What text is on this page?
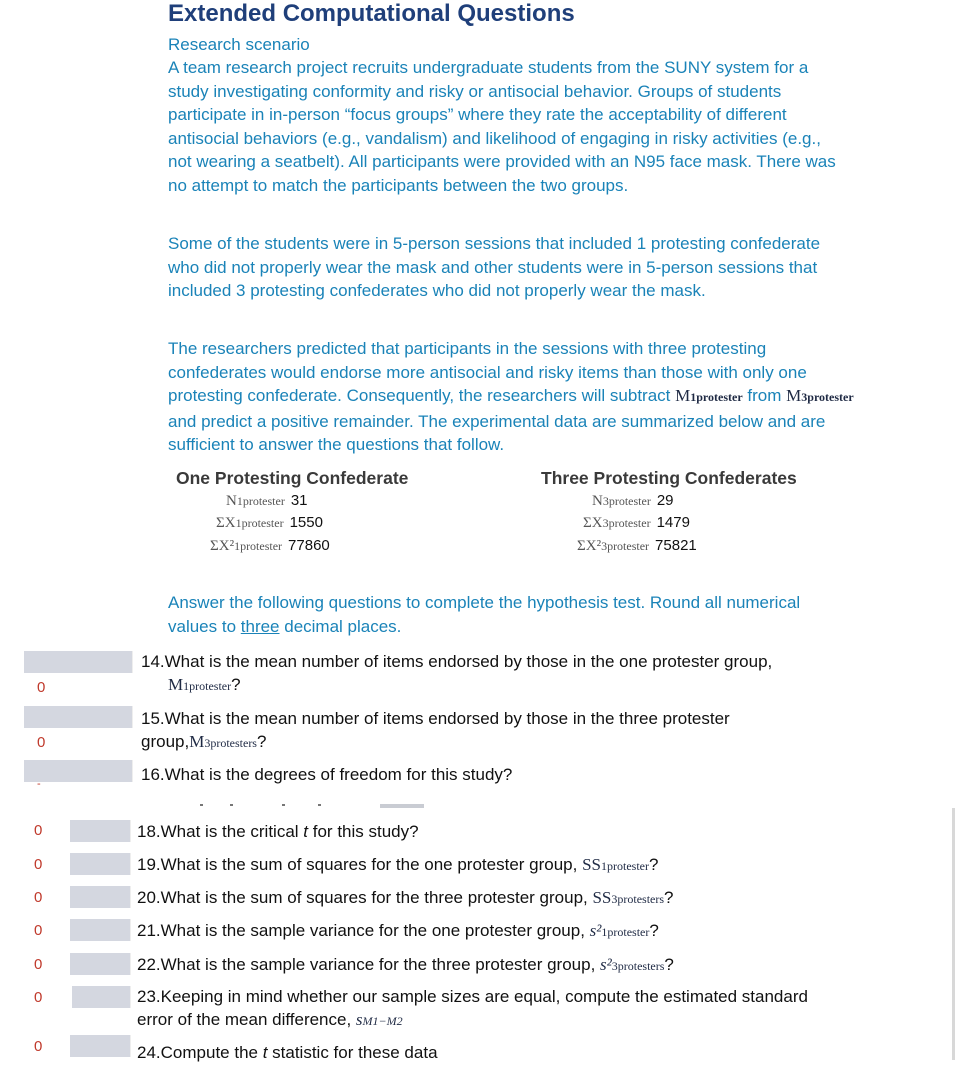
Extended Computational Questions
Research scenario
A team research project recruits undergraduate students from the SUNY system for a study investigating conformity and risky or antisocial behavior. Groups of students participate in in-person “focus groups” where they rate the acceptability of different antisocial behaviors (e.g., vandalism) and likelihood of engaging in risky activities (e.g., not wearing a seatbelt). All participants were provided with an N95 face mask. There was no attempt to match the participants between the two groups.
Some of the students were in 5-person sessions that included 1 protesting confederate who did not properly wear the mask and other students were in 5-person sessions that included 3 protesting confederates who did not properly wear the mask.
The researchers predicted that participants in the sessions with three protesting confederates would endorse more antisocial and risky items than those with only one protesting confederate. Consequently, the researchers will subtract M1protester from M3protester and predict a positive remainder. The experimental data are summarized below and are sufficient to answer the questions that follow.
One Protesting Confederate
N1protester 31
ΣX1protester 1550
ΣX²1protester 77860
Three Protesting Confederates
N3protester 29
ΣX3protester 1479
ΣX²3protester 75821
Answer the following questions to complete the hypothesis test. Round all numerical values to three decimal places.
0
14.What is the mean number of items endorsed by those in the one protester group,
M1protester?
0
15.What is the mean number of items endorsed by those in the three protester group,M3protesters?
-	16.What is the degrees of freedom for this study?
0	18.What is the critical t for this study?
0	19.What is the sum of squares for the one protester group, SS1protester?
0	20.What is the sum of squares for the three protester group, SS3protesters?
0	21.What is the sample variance for the one protester group, s²1protester?
0	22.What is the sample variance for the three protester group, s²3protesters?
0	23.Keeping in mind whether our sample sizes are equal, compute the estimated standard error of the mean difference, sM1−M2
0	24.Compute the t statistic for these data
